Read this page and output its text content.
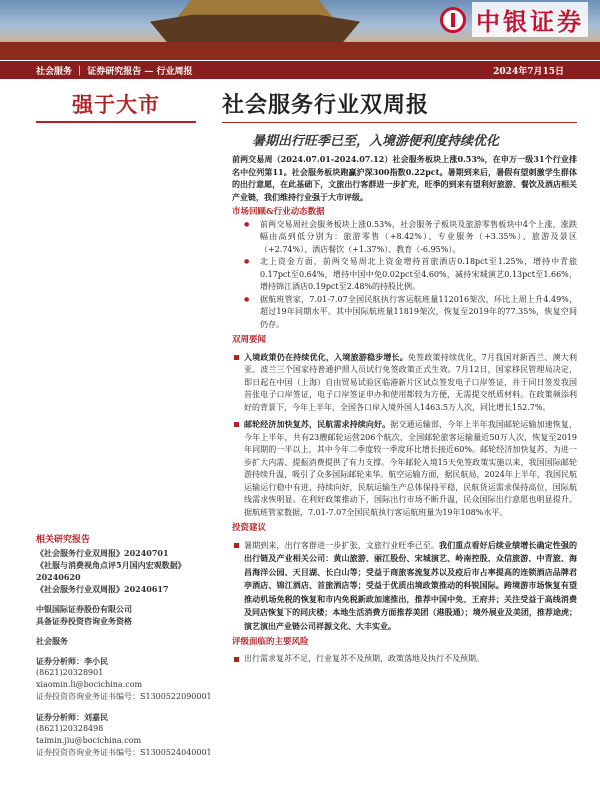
中银证券
社会服务 ｜ 证券研究报告 — 行业周报	2024年7月15日
强于大市	社会服务行业双周报
暑期出行旺季已至，入境游便利度持续优化
相关研究报告
《社会服务行业双周报》20240701
《社服与消费视角点评5月国内宏观数据》20240620
《社会服务行业双周报》20240617
中银国际证券股份有限公司
具备证券投资咨询业务资格
社会服务
证券分析师：李小民
(8621)20328901
xiaomin.li@bocichina.com
证券投资咨询业务证书编号：S1300522090001
证券分析师：刘嘉民
(8621)20328498
taimin.jiu@bocichina.com
证券投资咨询业务证书编号：S1300524040001

前两交易周（2024.07.01-2024.07.12）社会服务板块上涨0.53%，在申万一级31个行业排名中位列第11。社会服务板块跑赢沪深300指数0.22pct。暑期到来后，暑假有望刺激学生群体的出行意愿，在此基础下，文旅出行客群进一步扩充，旺季的到来有望利好旅游、餐饮及酒店相关产业链，我们维持行业强于大市评级。

市场回顾&行业动态数据
● 前两交易周社会服务板块上涨0.53%，社会服务子板块及旅游零售板块中4个上涨，涨跌幅由高到低分别为：旅游零售（+8.42%）、专业服务（+3.35%）、旅游及景区（+2.74%）、酒店餐饮（+1.37%）、教育（-6.95%）。
● 北上资金方面，前两交易周北上资金增持首旅酒店0.18pct至1.25%，增持中青旅0.17pct至0.64%，增持中国中免0.02pct至4.60%，减持宋城演艺0.13pct至1.66%，增持锦江酒店0.19pct至2.48%的持股比例。
● 据航班管家，7.01-7.07全国民航执行客运航班量112016架次，环比上周上升4.49%，超过19年同期水平。其中国际航班量11819架次，恢复至2019年的77.35%，恢复空间仍存。
双周要闻
入境政策仍在持续优化，入境旅游稳步增长。免签政策持续优化，7月我国对新西兰、澳大利亚、波兰三个国家持普通护照人员试行免签政策正式生效。7月12日，国家移民管理局决定，即日起在中国（上海）自由贸易试验区临港新片区试点签发电子口岸签证，并于同日签发我国首张电子口岸签证，电子口岸签证申办和使用都较为方便，无需提交纸质材料。在政策频添利好的背景下，今年上半年，全国各口岸入境外国人1463.5万人次，同比增长152.7%。
邮轮经济加快复苏，民航需求持续向好。据交通运输部，今年上半年我国邮轮运输加速恢复，今年上半年，共有23艘邮轮运营206个航次，全国邮轮旅客运输量近50万人次，恢复至2019年同期的一半以上，其中今年二季度较一季度环比增长接近60%。邮轮经济加快复苏，为进一步扩大内需、提振消费提供了有力支撑。今年邮轮入境15天免签政策实施以来，我国国际邮轮游持续升温，吸引了众多国际邮轮来华。航空运输方面，据民航局，2024年上半年，我国民航运输运行稳中有进、持续向好，民航运输生产总体保持平稳，民航货运需求保持高位，国际航线需求恢明显。在利好政策推动下，国际出行市场不断升温，民众国际出行意愿也明显提升。据航班管家数据，7.01-7.07全国民航执行客运航班量为19年108%水平。
投资建议
暑期到来，出行客群进一步扩张，文旅行业旺季已至。我们重点看好后续业绩增长确定性强的出行链及产业相关公司：黄山旅游、丽江股份、宋城演艺、岭南控股、众信旅游、中青旅、海昌海洋公园、天目湖、长白山等；受益于商旅客流复苏以及疫后市占率提高的连锁酒店品牌君亭酒店、锦江酒店、首旅酒店等；受益于优质出境政策推动的科锐国际。跨境游市场恢复有望推动机场免税的恢复和市内免税新政加速推出，推荐中国中免、王府井；关注受益于高线消费及同店恢复下的同庆楼；本地生活消费方面推荐美团（港股通）；境外展业及美团，推荐途虎；演艺演出产业链公司祥源文化、大丰实业。
评级面临的主要风险
出行需求复苏不足，行业复苏不及预期，政策落地及执行不及预期。
